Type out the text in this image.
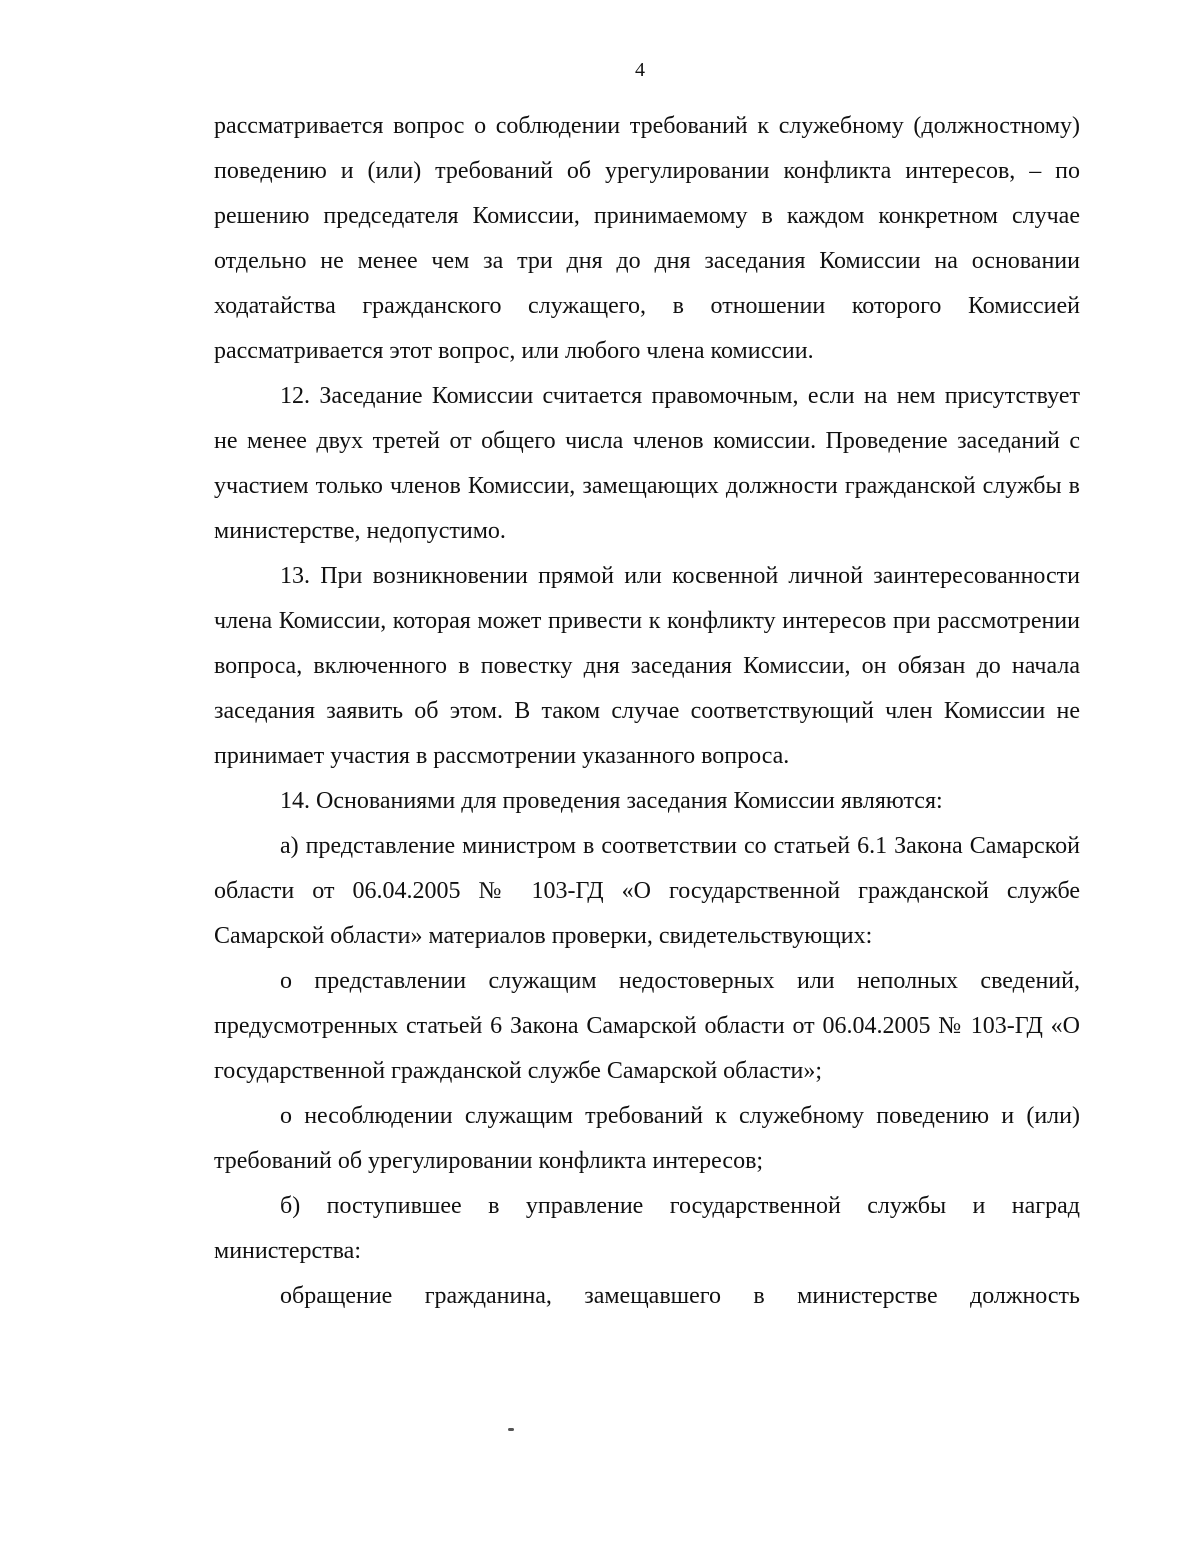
4

рассматривается вопрос о соблюдении требований к служебному (должностному) поведению и (или) требований об урегулировании конфликта интересов, – по решению председателя Комиссии, принимаемому в каждом конкретном случае отдельно не менее чем за три дня до дня заседания Комиссии на основании ходатайства гражданского служащего, в отношении которого Комиссией рассматривается этот вопрос, или любого члена комиссии.

12. Заседание Комиссии считается правомочным, если на нем присутствует не менее двух третей от общего числа членов комиссии. Проведение заседаний с участием только членов Комиссии, замещающих должности гражданской службы в министерстве, недопустимо.

13. При возникновении прямой или косвенной личной заинтересованности члена Комиссии, которая может привести к конфликту интересов при рассмотрении вопроса, включенного в повестку дня заседания Комиссии, он обязан до начала заседания заявить об этом. В таком случае соответствующий член Комиссии не принимает участия в рассмотрении указанного вопроса.

14. Основаниями для проведения заседания Комиссии являются:

а) представление министром в соответствии со статьей 6.1 Закона Самарской области от 06.04.2005 № 103-ГД «О государственной гражданской службе Самарской области» материалов проверки, свидетельствующих:

о представлении служащим недостоверных или неполных сведений, предусмотренных статьей 6 Закона Самарской области от 06.04.2005 № 103-ГД «О государственной гражданской службе Самарской области»;

о несоблюдении служащим требований к служебному поведению и (или) требований об урегулировании конфликта интересов;

б) поступившее в управление государственной службы и наград министерства:

обращение гражданина, замещавшего в министерстве должность
